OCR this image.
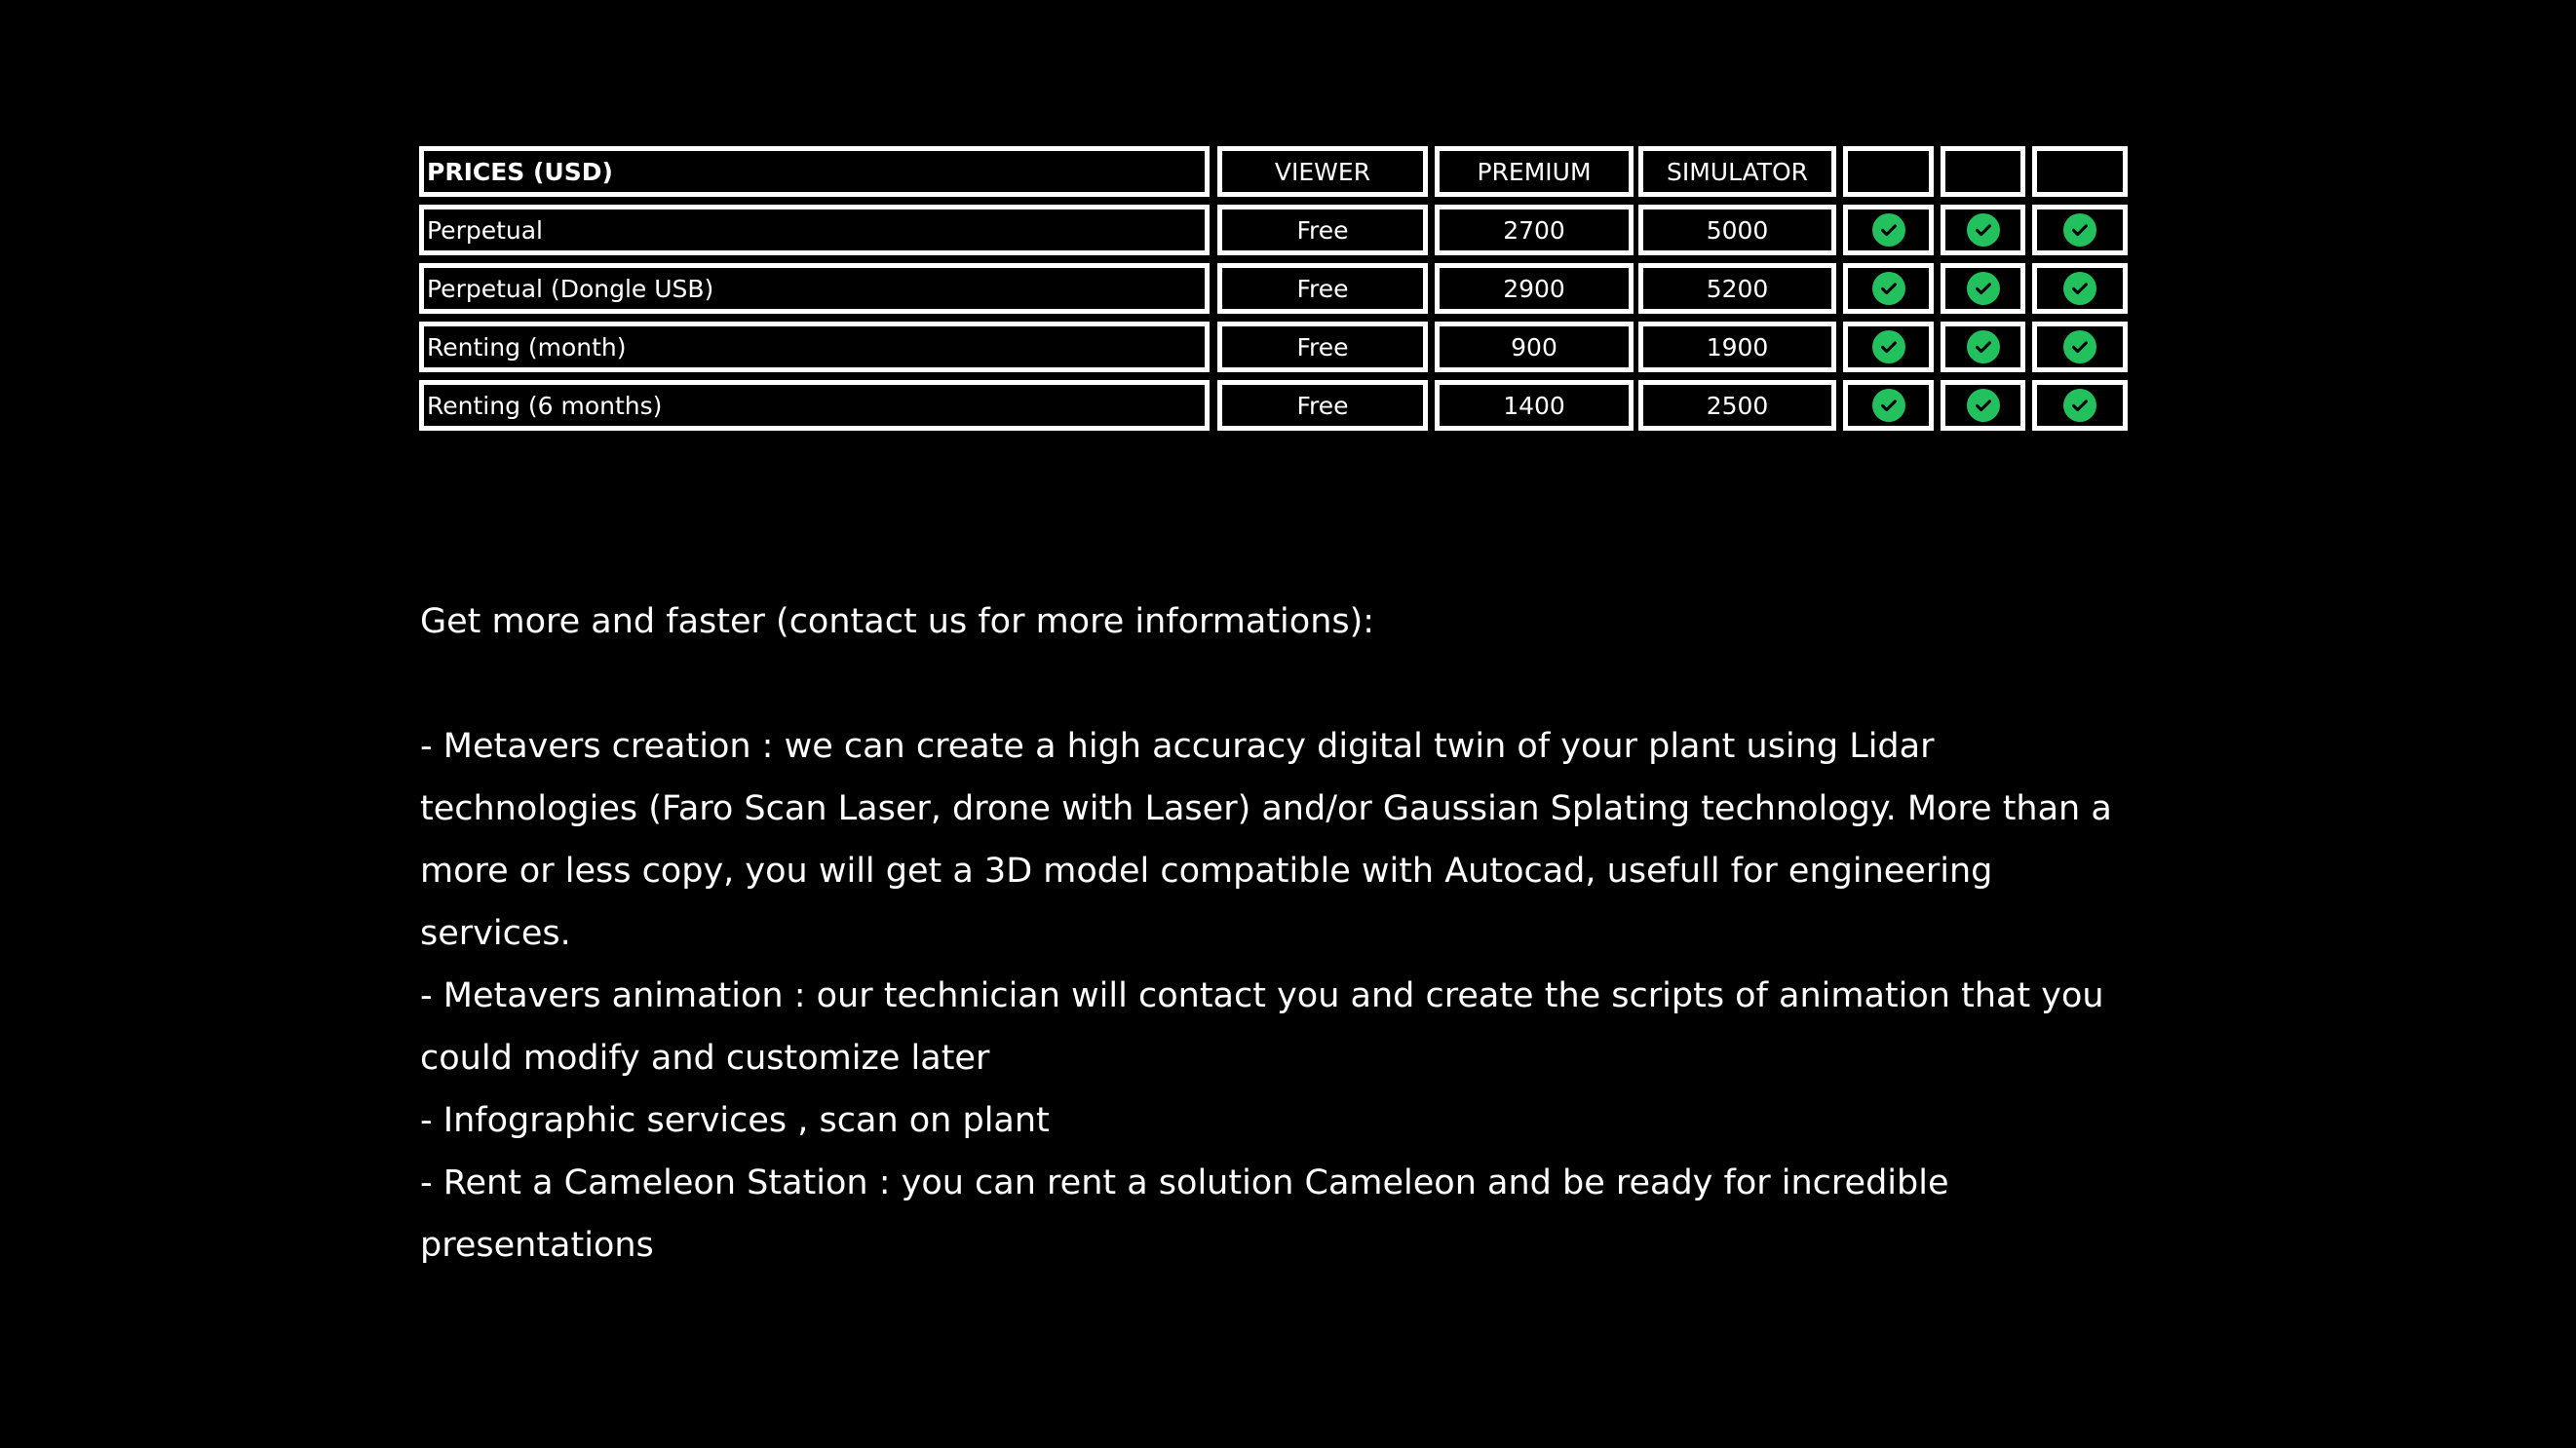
PRICES (USD)	VIEWER	PREMIUM	SIMULATOR
Perpetual	Free	2700	5000
Perpetual (Dongle USB)	Free	2900	5200
Renting (month)	Free	900	1900
Renting (6 months)	Free	1400	2500

Get more and faster (contact us for more informations):

- Metavers creation : we can create a high accuracy digital twin of your plant using Lidar technologies (Faro Scan Laser, drone with Laser) and/or Gaussian Splating technology. More than a more or less copy, you will get a 3D model compatible with Autocad, usefull for engineering services.

- Metavers animation : our technician will contact you and create the scripts of animation that you could modify and customize later

- Infographic services , scan on plant

- Rent a Cameleon Station : you can rent a solution Cameleon and be ready for incredible presentations
